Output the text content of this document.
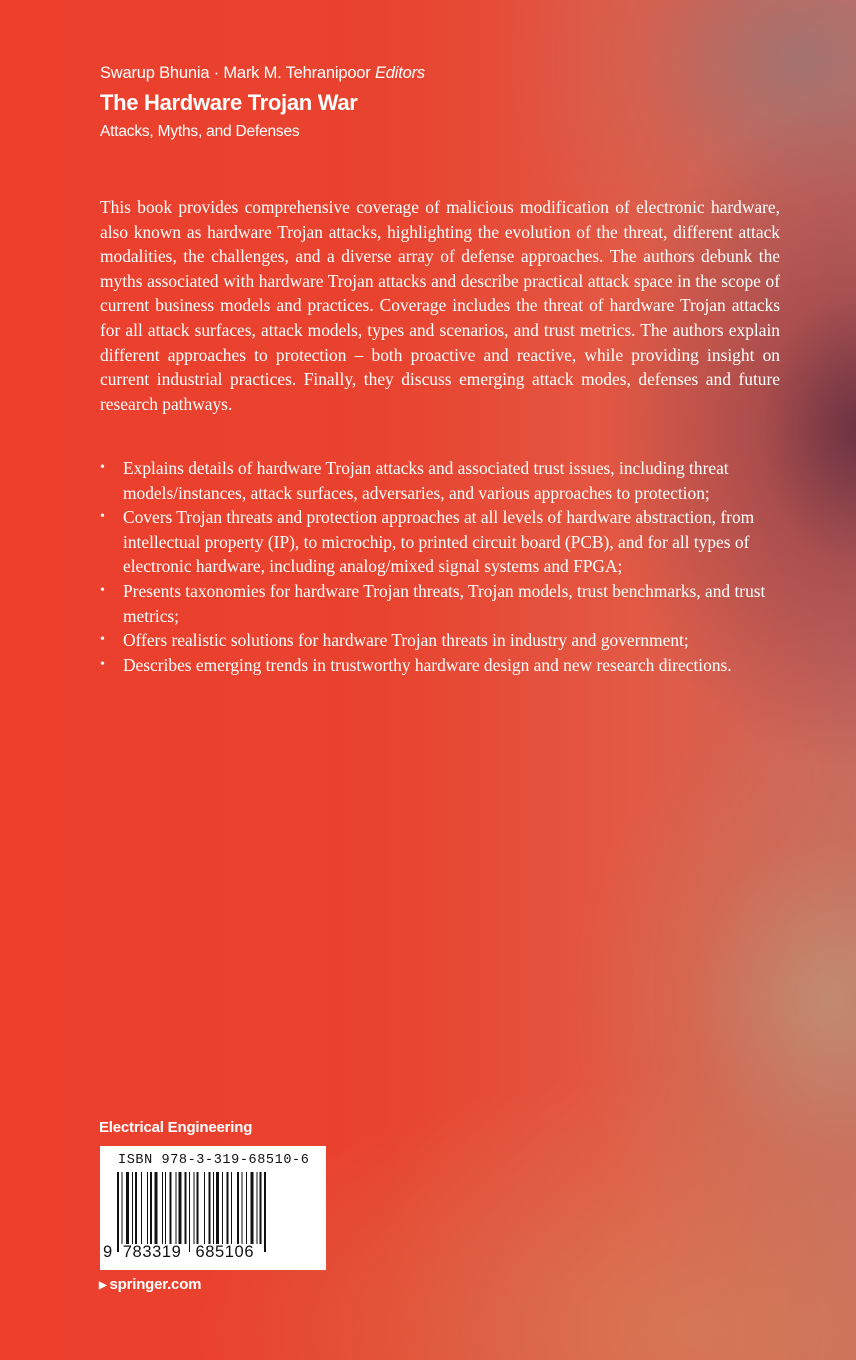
Swarup Bhunia · Mark M. Tehranipoor Editors
The Hardware Trojan War
Attacks, Myths, and Defenses

This book provides comprehensive coverage of malicious modification of electronic hardware, also known as hardware Trojan attacks, highlighting the evolution of the threat, different attack modalities, the challenges, and a diverse array of defense approaches. The authors debunk the myths associated with hardware Trojan attacks and describe practical attack space in the scope of current business models and practices. Coverage includes the threat of hardware Trojan attacks for all attack surfaces, attack models, types and scenarios, and trust metrics. The authors explain different approaches to protection – both proactive and reactive, while providing insight on current industrial practices. Finally, they discuss emerging attack modes, defenses and future research pathways.

• Explains details of hardware Trojan attacks and associated trust issues, including threat models/instances, attack surfaces, adversaries, and various approaches to protection;
• Covers Trojan threats and protection approaches at all levels of hardware abstraction, from intellectual property (IP), to microchip, to printed circuit board (PCB), and for all types of electronic hardware, including analog/mixed signal systems and FPGA;
• Presents taxonomies for hardware Trojan threats, Trojan models, trust benchmarks, and trust metrics;
• Offers realistic solutions for hardware Trojan threats in industry and government;
• Describes emerging trends in trustworthy hardware design and new research directions.
Electrical Engineering
ISBN 978-3-319-68510-6
9 783319 685106
▶ springer.com
